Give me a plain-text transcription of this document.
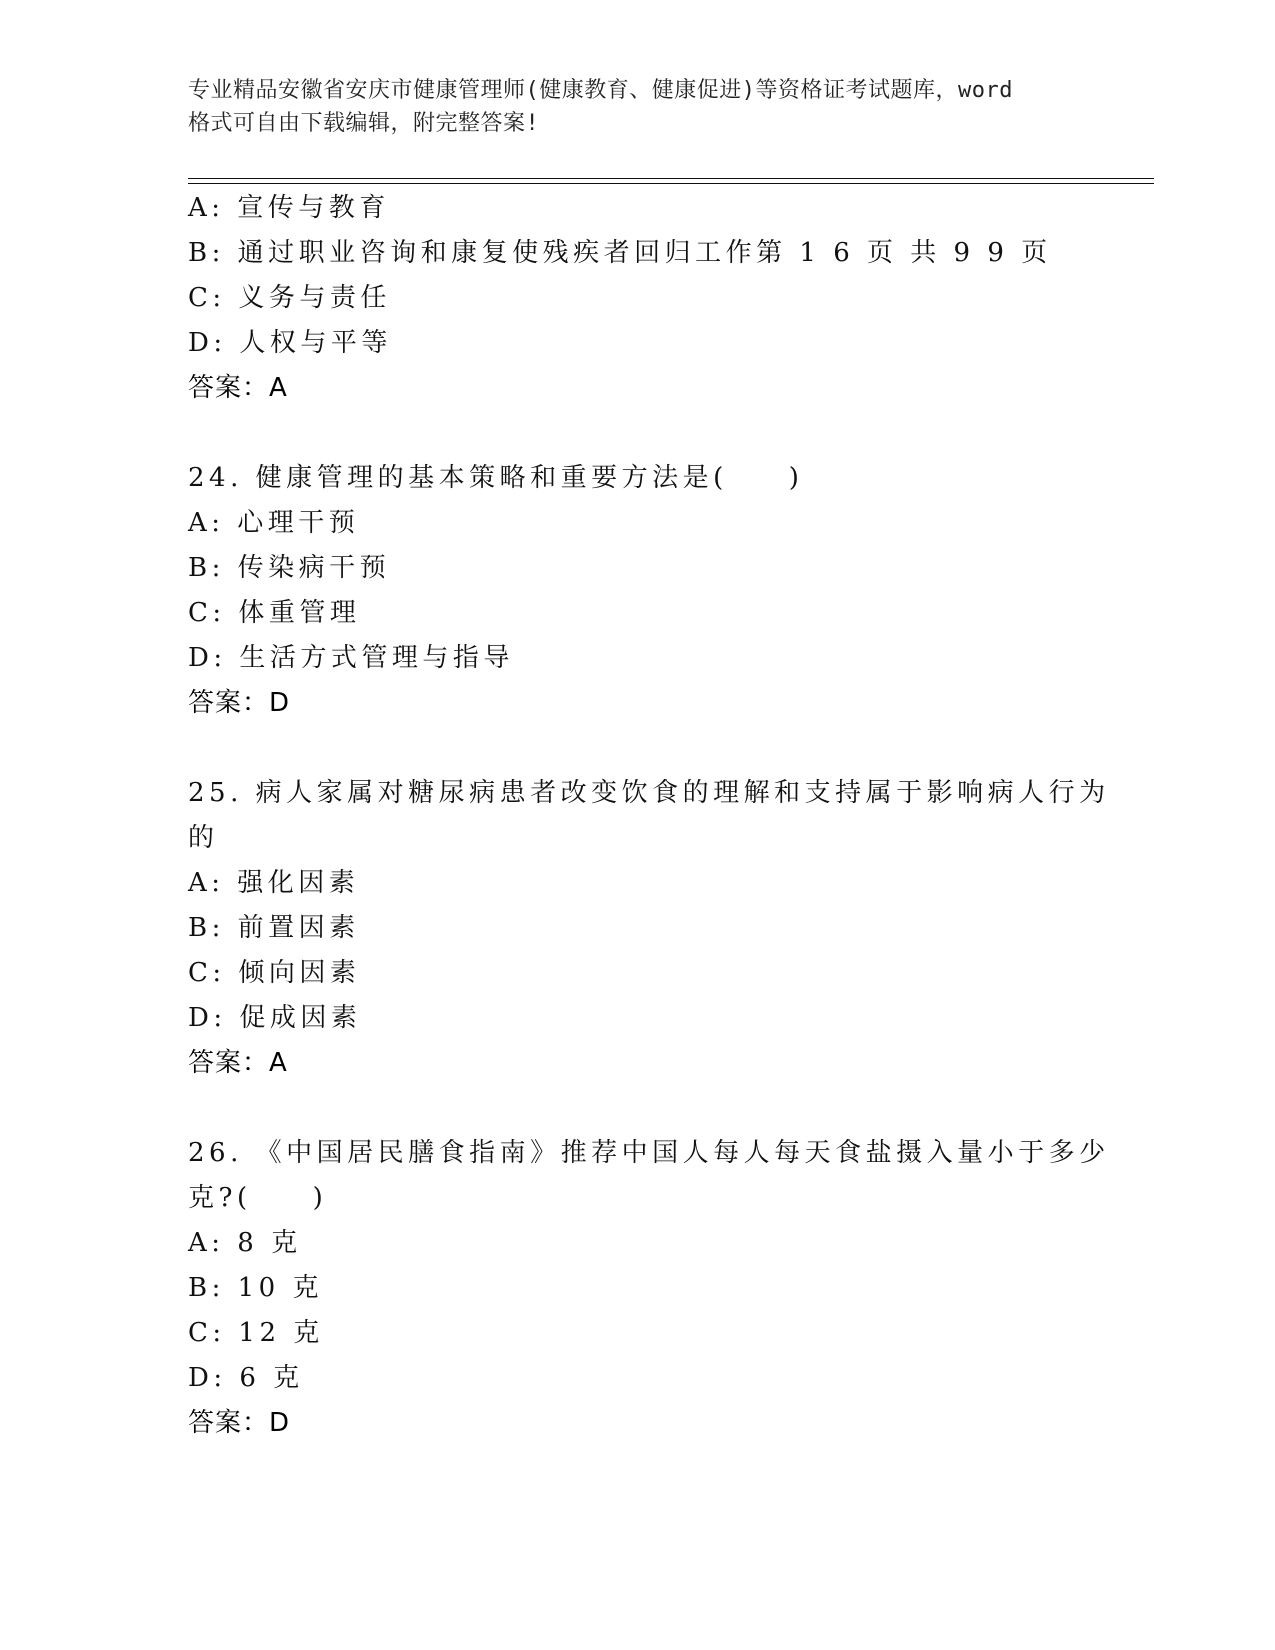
专业精品安徽省安庆市健康管理师(健康教育、健康促进)等资格证考试题库，word
格式可自由下载编辑，附完整答案!
A: 宣传与教育
B: 通过职业咨询和康复使残疾者回归工作第 1 6 页 共 9 9 页
C: 义务与责任
D: 人权与平等
答案：A
24. 健康管理的基本策略和重要方法是(　　)
A: 心理干预
B: 传染病干预
C: 体重管理
D: 生活方式管理与指导
答案：D
25. 病人家属对糖尿病患者改变饮食的理解和支持属于影响病人行为
的
A: 强化因素
B: 前置因素
C: 倾向因素
D: 促成因素
答案：A
26. 《中国居民膳食指南》推荐中国人每人每天食盐摄入量小于多少
克?(　　)
A: 8 克
B: 10 克
C: 12 克
D: 6 克
答案：D
